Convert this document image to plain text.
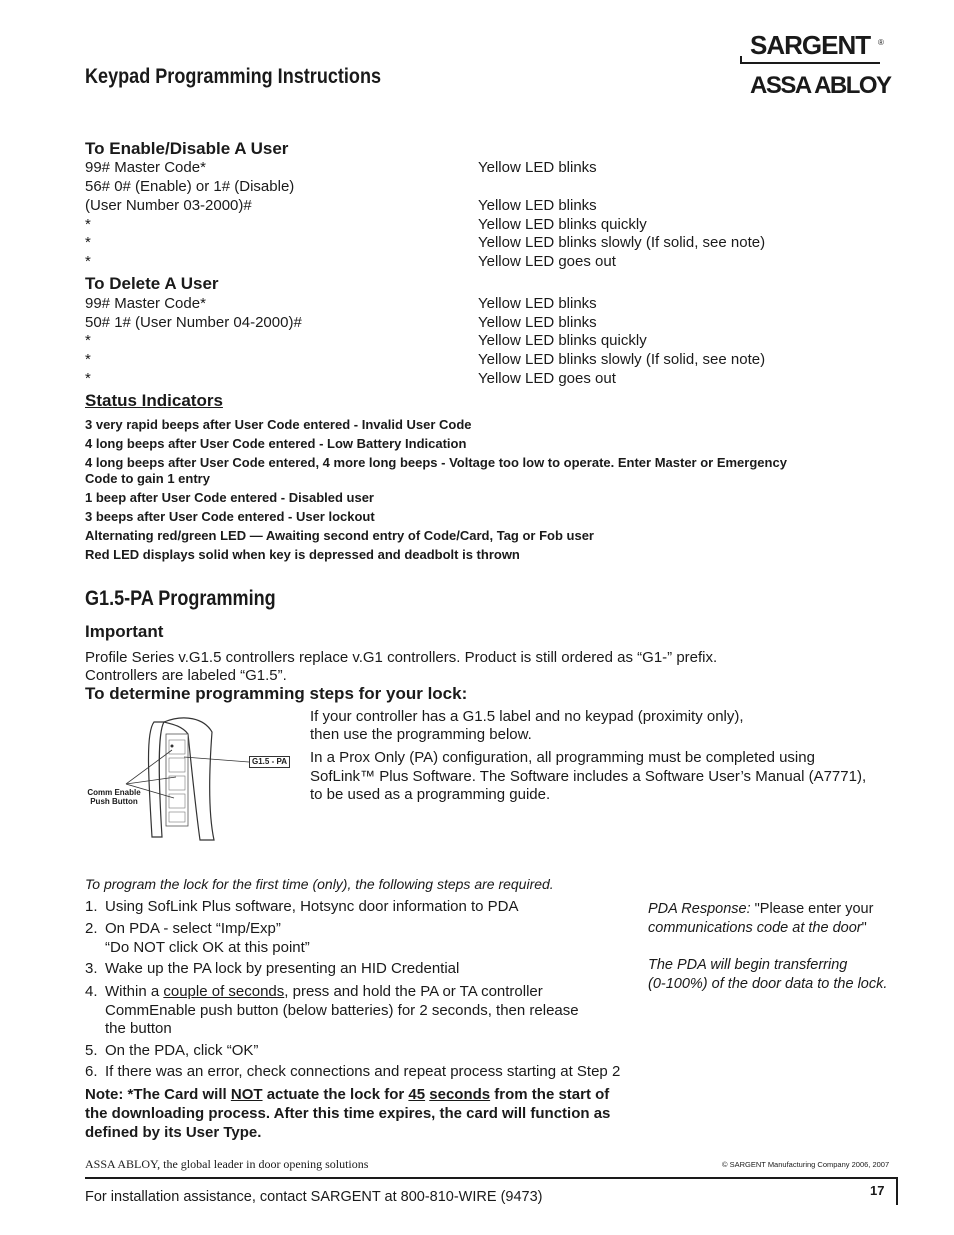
Keypad Programming Instructions
SARGENT ®
ASSA ABLOY
To Enable/Disable A User
99# Master Code*	Yellow LED blinks
56# 0# (Enable) or 1# (Disable)
(User Number 03-2000)#	Yellow LED blinks
*	Yellow LED blinks quickly
*	Yellow LED blinks slowly (If solid, see note)
*	Yellow LED goes out
To Delete A User
99# Master Code*	Yellow LED blinks
50# 1# (User Number 04-2000)#	Yellow LED blinks
*	Yellow LED blinks quickly
*	Yellow LED blinks slowly (If solid, see note)
*	Yellow LED goes out
Status Indicators
3 very rapid beeps after User Code entered - Invalid User Code
4 long beeps after User Code entered - Low Battery Indication
4 long beeps after User Code entered, 4 more long beeps - Voltage too low to operate. Enter Master or Emergency
Code to gain 1 entry
1 beep after User Code entered - Disabled user
3 beeps after User Code entered - User lockout
Alternating red/green LED — Awaiting second entry of Code/Card, Tag or Fob user
Red LED displays solid when key is depressed and deadbolt is thrown
G1.5-PA Programming
Important
Profile Series v.G1.5 controllers replace v.G1 controllers. Product is still ordered as “G1-” prefix.
Controllers are labeled “G1.5”.
To determine programming steps for your lock:
G1.5 - PA
Comm Enable
Push Button
If your controller has a G1.5 label and no keypad (proximity only),
then use the programming below.
In a Prox Only (PA) configuration, all programming must be completed using
SofLink™ Plus Software. The Software includes a Software User’s Manual (A7771),
to be used as a programming guide.
To program the lock for the first time (only), the following steps are required.
1. Using SofLink Plus software, Hotsync door information to PDA
2. On PDA - select “Imp/Exp”
“Do NOT click OK at this point”
3. Wake up the PA lock by presenting an HID Credential
4. Within a couple of seconds, press and hold the PA or TA controller
CommEnable push button (below batteries) for 2 seconds, then release
the button
5. On the PDA, click “OK”
6. If there was an error, check connections and repeat process starting at Step 2
Note: *The Card will NOT actuate the lock for 45 seconds from the start of
the downloading process. After this time expires, the card will function as
defined by its User Type.
PDA Response: "Please enter your
communications code at the door"
The PDA will begin transferring
(0-100%) of the door data to the lock.
ASSA ABLOY, the global leader in door opening solutions	© SARGENT Manufacturing Company 2006, 2007
For installation assistance, contact SARGENT at 800-810-WIRE (9473)	17
